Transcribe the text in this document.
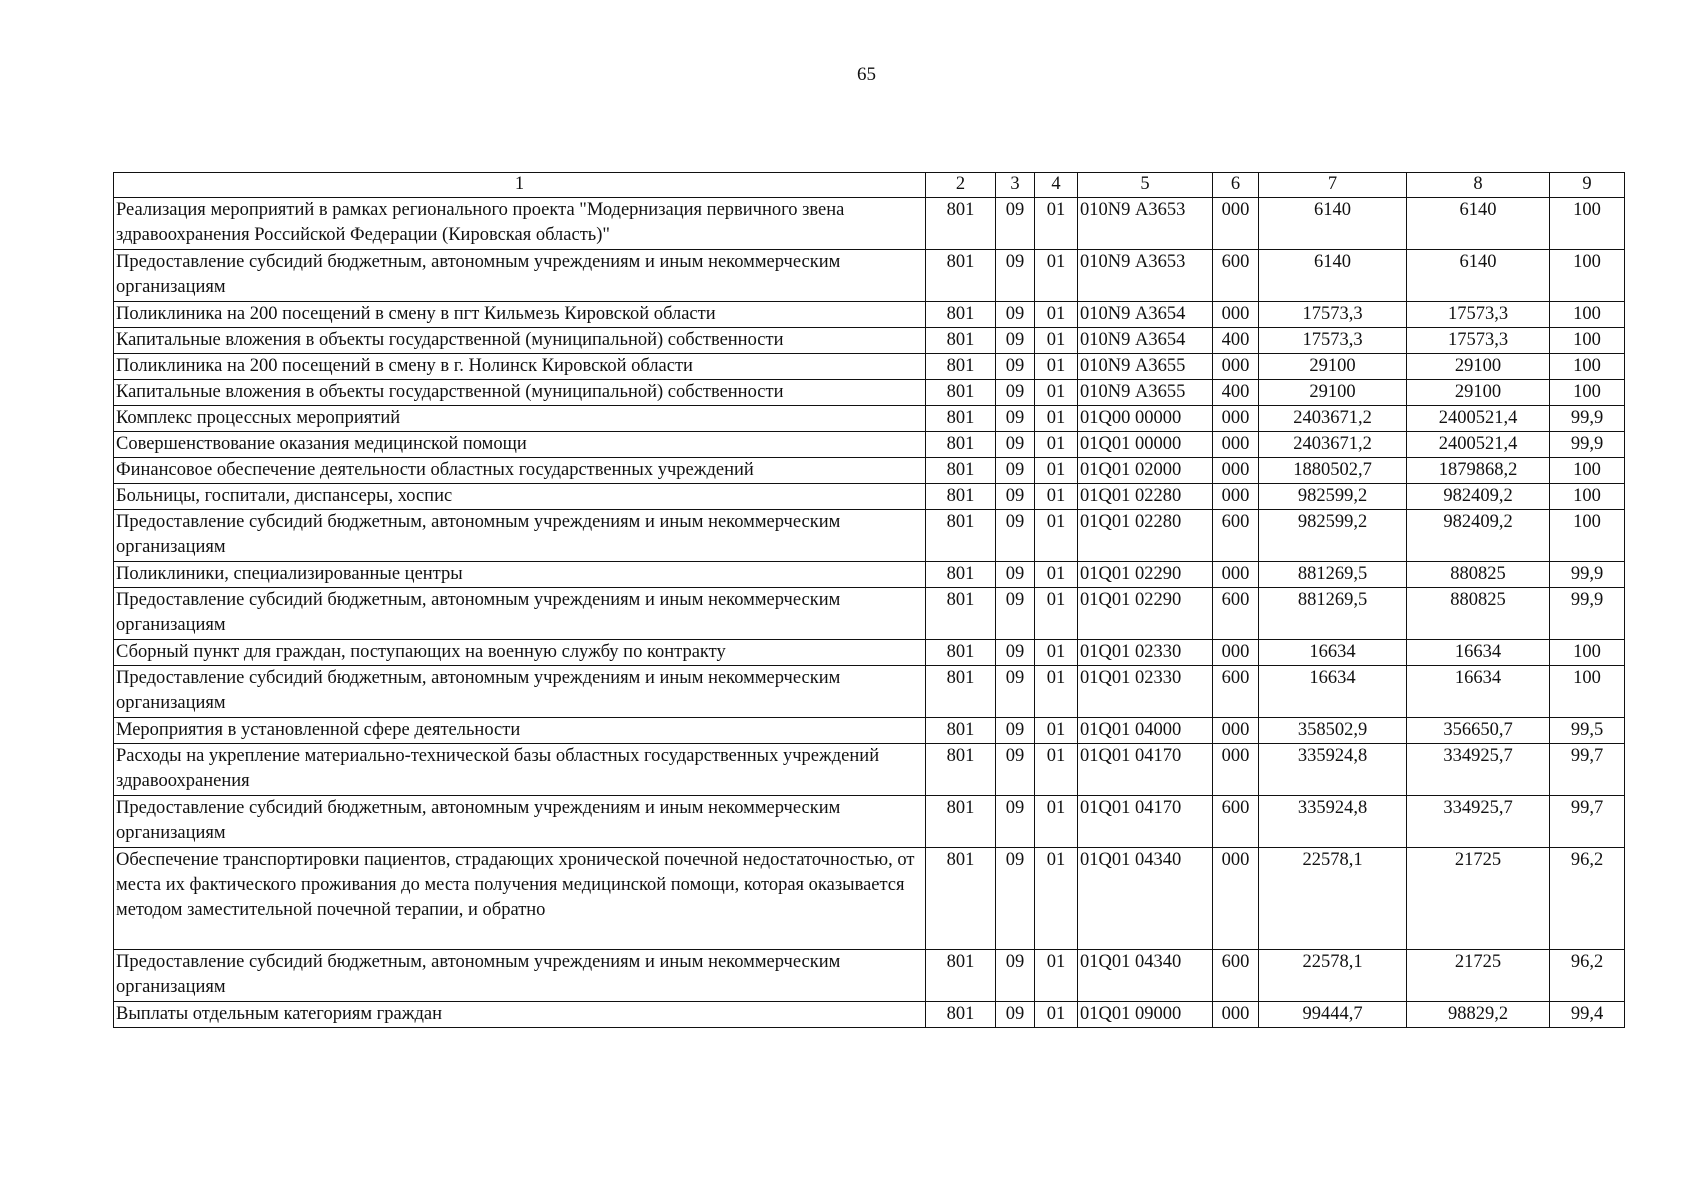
65
1	2	3	4	5	6	7	8	9
Реализация мероприятий в рамках регионального проекта "Модернизация первичного звена здравоохранения Российской Федерации (Кировская область)"	801	09	01	010N9 А3653	000	6140	6140	100
Предоставление субсидий бюджетным, автономным учреждениям и иным некоммерческим организациям	801	09	01	010N9 А3653	600	6140	6140	100
Поликлиника на 200 посещений в смену в пгт Кильмезь Кировской области	801	09	01	010N9 А3654	000	17573,3	17573,3	100
Капитальные вложения в объекты государственной (муниципальной) собственности	801	09	01	010N9 А3654	400	17573,3	17573,3	100
Поликлиника на 200 посещений в смену в г. Нолинск Кировской области	801	09	01	010N9 А3655	000	29100	29100	100
Капитальные вложения в объекты государственной (муниципальной) собственности	801	09	01	010N9 А3655	400	29100	29100	100
Комплекс процессных мероприятий	801	09	01	01Q00 00000	000	2403671,2	2400521,4	99,9
Совершенствование оказания медицинской помощи	801	09	01	01Q01 00000	000	2403671,2	2400521,4	99,9
Финансовое обеспечение деятельности областных государственных учреждений	801	09	01	01Q01 02000	000	1880502,7	1879868,2	100
Больницы, госпитали, диспансеры, хоспис	801	09	01	01Q01 02280	000	982599,2	982409,2	100
Предоставление субсидий бюджетным, автономным учреждениям и иным некоммерческим организациям	801	09	01	01Q01 02280	600	982599,2	982409,2	100
Поликлиники, специализированные центры	801	09	01	01Q01 02290	000	881269,5	880825	99,9
Предоставление субсидий бюджетным, автономным учреждениям и иным некоммерческим организациям	801	09	01	01Q01 02290	600	881269,5	880825	99,9
Сборный пункт для граждан, поступающих на военную службу по контракту	801	09	01	01Q01 02330	000	16634	16634	100
Предоставление субсидий бюджетным, автономным учреждениям и иным некоммерческим организациям	801	09	01	01Q01 02330	600	16634	16634	100
Мероприятия в установленной сфере деятельности	801	09	01	01Q01 04000	000	358502,9	356650,7	99,5
Расходы на укрепление материально-технической базы областных государственных учреждений здравоохранения	801	09	01	01Q01 04170	000	335924,8	334925,7	99,7
Предоставление субсидий бюджетным, автономным учреждениям и иным некоммерческим организациям	801	09	01	01Q01 04170	600	335924,8	334925,7	99,7
Обеспечение транспортировки пациентов, страдающих хронической почечной недостаточностью, от места их фактического проживания до места получения медицинской помощи, которая оказывается методом заместительной почечной терапии, и обратно	801	09	01	01Q01 04340	000	22578,1	21725	96,2
Предоставление субсидий бюджетным, автономным учреждениям и иным некоммерческим организациям	801	09	01	01Q01 04340	600	22578,1	21725	96,2
Выплаты отдельным категориям граждан	801	09	01	01Q01 09000	000	99444,7	98829,2	99,4
